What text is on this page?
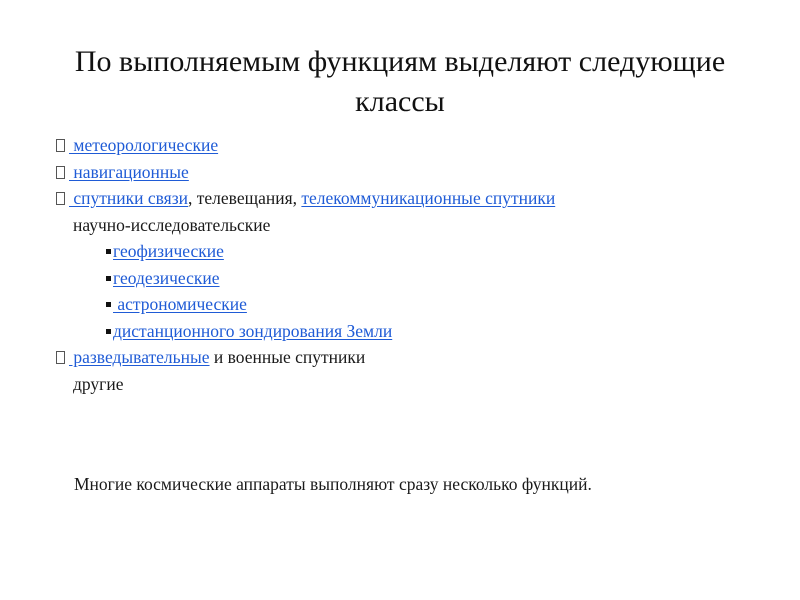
По выполняемым функциям выделяют следующие классы
метеорологические
навигационные
спутники связи, телевещания, телекоммуникационные спутники
научно-исследовательские
геофизические
геодезические
астрономические
дистанционного зондирования Земли
разведывательные и военные спутники
другие

Многие космические аппараты выполняют сразу несколько функций.
